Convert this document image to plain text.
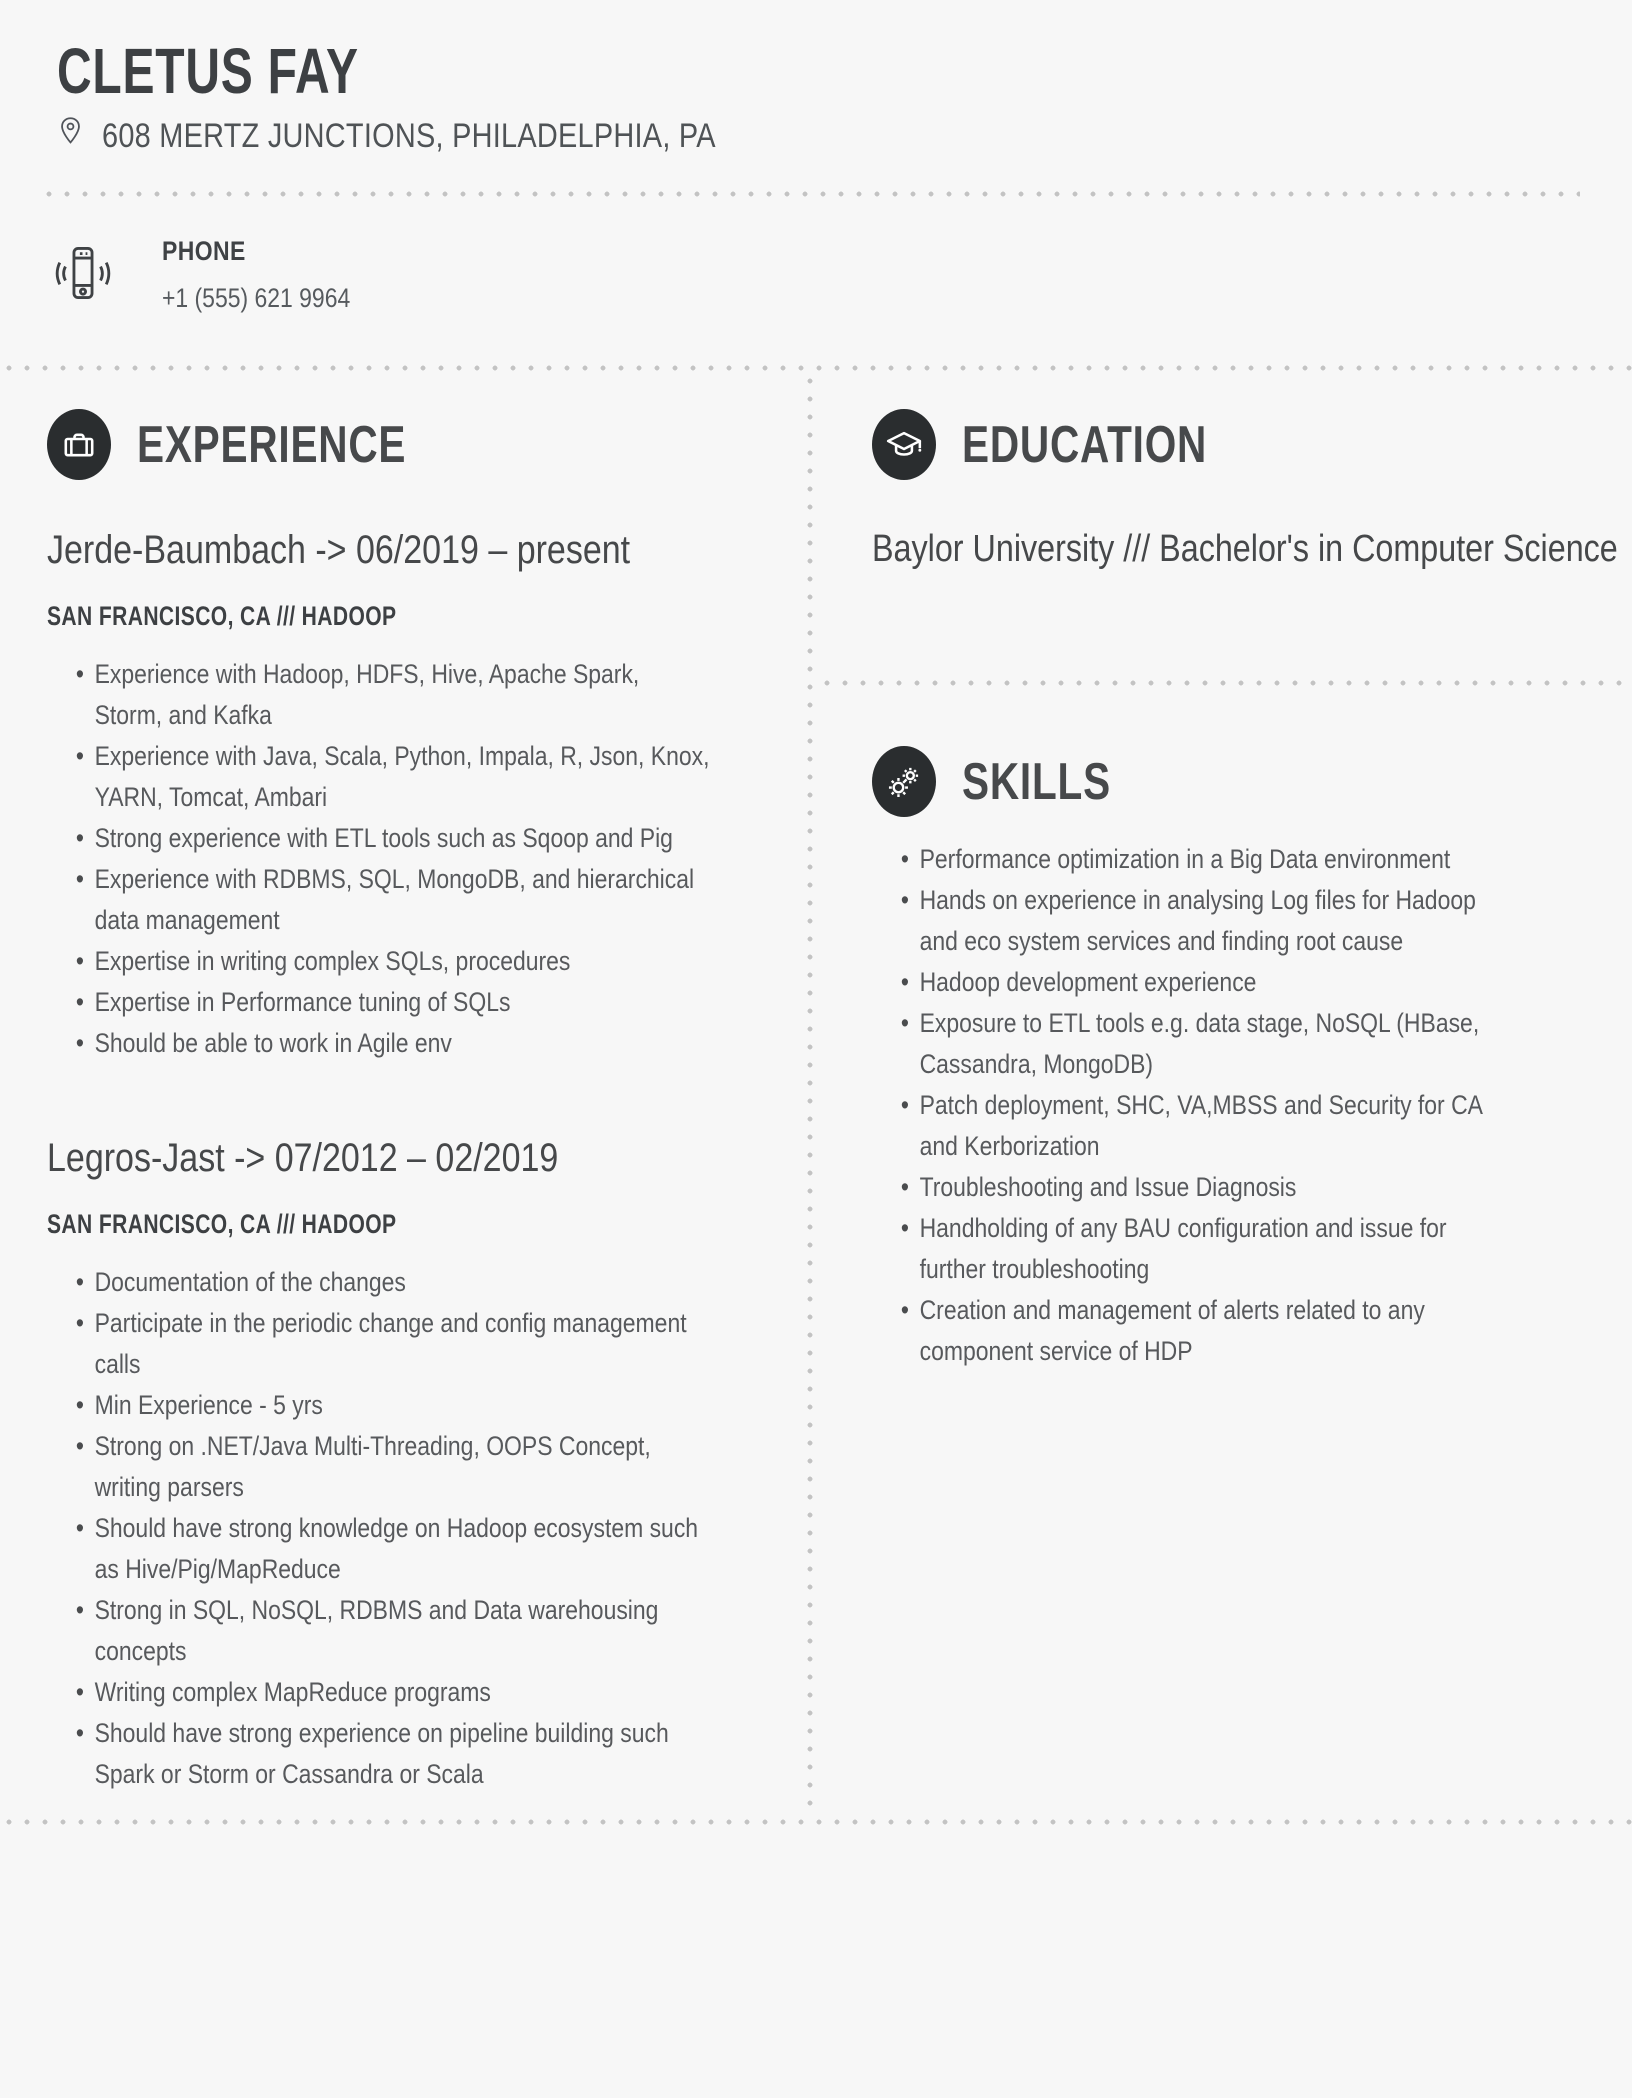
CLETUS FAY
608 MERTZ JUNCTIONS, PHILADELPHIA, PA
PHONE
+1 (555) 621 9964
EXPERIENCE
Jerde-Baumbach -> 06/2019 – present
SAN FRANCISCO, CA /// HADOOP
• Experience with Hadoop, HDFS, Hive, Apache Spark, Storm, and Kafka
• Experience with Java, Scala, Python, Impala, R, Json, Knox, YARN, Tomcat, Ambari
• Strong experience with ETL tools such as Sqoop and Pig
• Experience with RDBMS, SQL, MongoDB, and hierarchical data management
• Expertise in writing complex SQLs, procedures
• Expertise in Performance tuning of SQLs
• Should be able to work in Agile env
Legros-Jast -> 07/2012 – 02/2019
SAN FRANCISCO, CA /// HADOOP
• Documentation of the changes
• Participate in the periodic change and config management calls
• Min Experience - 5 yrs
• Strong on .NET/Java Multi-Threading, OOPS Concept, writing parsers
• Should have strong knowledge on Hadoop ecosystem such as Hive/Pig/MapReduce
• Strong in SQL, NoSQL, RDBMS and Data warehousing concepts
• Writing complex MapReduce programs
• Should have strong experience on pipeline building such Spark or Storm or Cassandra or Scala
EDUCATION
Baylor University /// Bachelor's in Computer Science
SKILLS
• Performance optimization in a Big Data environment
• Hands on experience in analysing Log files for Hadoop and eco system services and finding root cause
• Hadoop development experience
• Exposure to ETL tools e.g. data stage, NoSQL (HBase, Cassandra, MongoDB)
• Patch deployment, SHC, VA,MBSS and Security for CA and Kerborization
• Troubleshooting and Issue Diagnosis
• Handholding of any BAU configuration and issue for further troubleshooting
• Creation and management of alerts related to any component service of HDP
